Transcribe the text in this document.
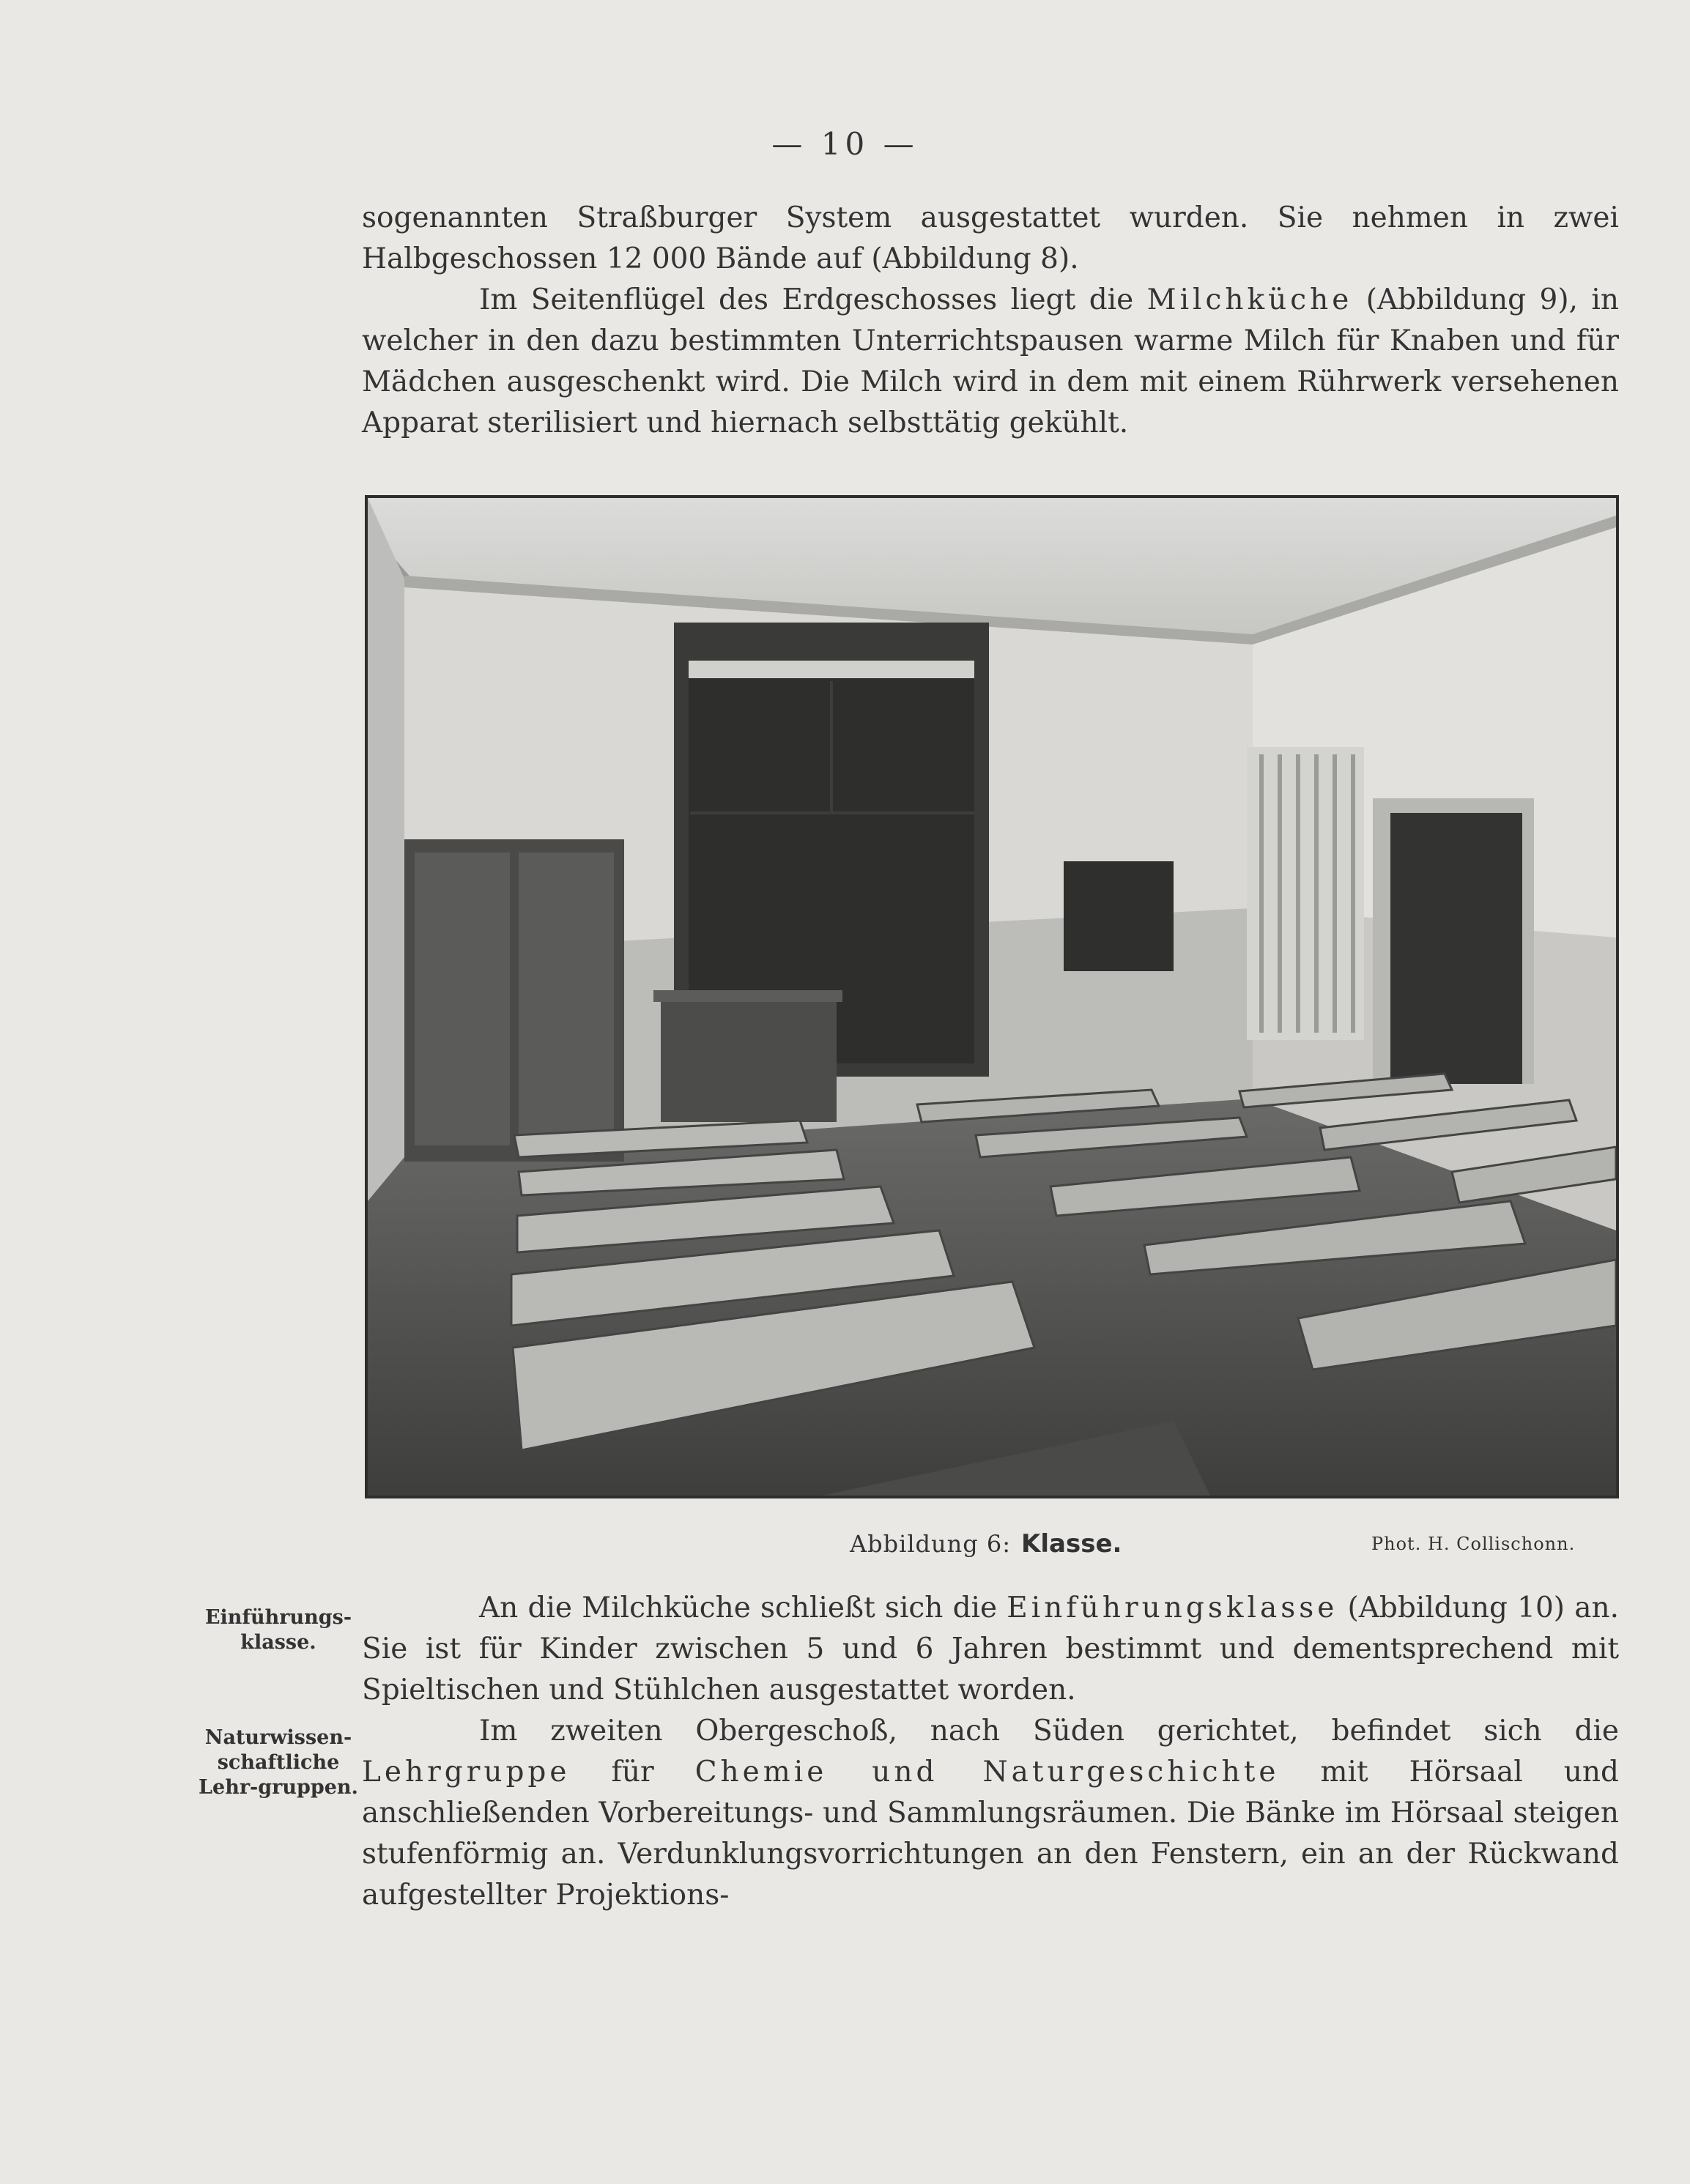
— 10 —

sogenannten Straßburger System ausgestattet wurden. Sie nehmen in zwei Halbgeschossen 12 000 Bände auf (Abbildung 8).

Im Seitenflügel des Erdgeschosses liegt die Milchküche (Abbildung 9), in welcher in den dazu bestimmten Unterrichtspausen warme Milch für Knaben und für Mädchen ausgeschenkt wird. Die Milch wird in dem mit einem Rührwerk versehenen Apparat sterilisiert und hiernach selbsttätig gekühlt.

Abbildung 6: Klasse.	Phot. H. Collischonn.
Einführungs-klasse.
Naturwissen-schaftliche Lehr-gruppen.

An die Milchküche schließt sich die Einführungsklasse (Abbildung 10) an. Sie ist für Kinder zwischen 5 und 6 Jahren bestimmt und dementsprechend mit Spieltischen und Stühlchen ausgestattet worden.

Im zweiten Obergeschoß, nach Süden gerichtet, befindet sich die Lehrgruppe für Chemie und Naturgeschichte mit Hörsaal und anschließenden Vorbereitungs- und Sammlungsräumen. Die Bänke im Hörsaal steigen stufenförmig an. Verdunklungsvorrichtungen an den Fenstern, ein an der Rückwand aufgestellter Projektions-
